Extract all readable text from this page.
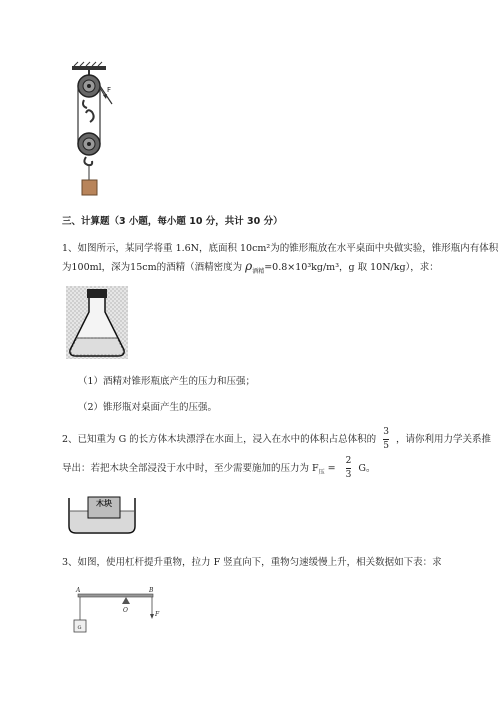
F
三、计算题（3 小题，每小题 10 分，共计 30 分）
1、如图所示，某同学将重 1.6N，底面积 10cm²为的锥形瓶放在水平桌面中央做实验，锥形瓶内有体积
为100ml，深为15cm的酒精（酒精密度为 $\rho_{酒精}=0.8\times 10^3kg/m^3$，g 取 10N/kg），求：
（1）酒精对锥形瓶底产生的压力和压强；
（2）锥形瓶对桌面产生的压强。
2、已知重为 G 的长方体木块漂浮在水面上，浸入在水中的体积占总体积的 $\frac{3}{5}$ ，请你利用力学关系推
导出：若把木块全部浸没于水中时，至少需要施加的压力为 $F_压 = \frac{2}{3}$ G。
木块
3、如图，使用杠杆提升重物，拉力 F 竖直向下，重物匀速缓慢上升，相关数据如下表：求
A	B
O
G
F
